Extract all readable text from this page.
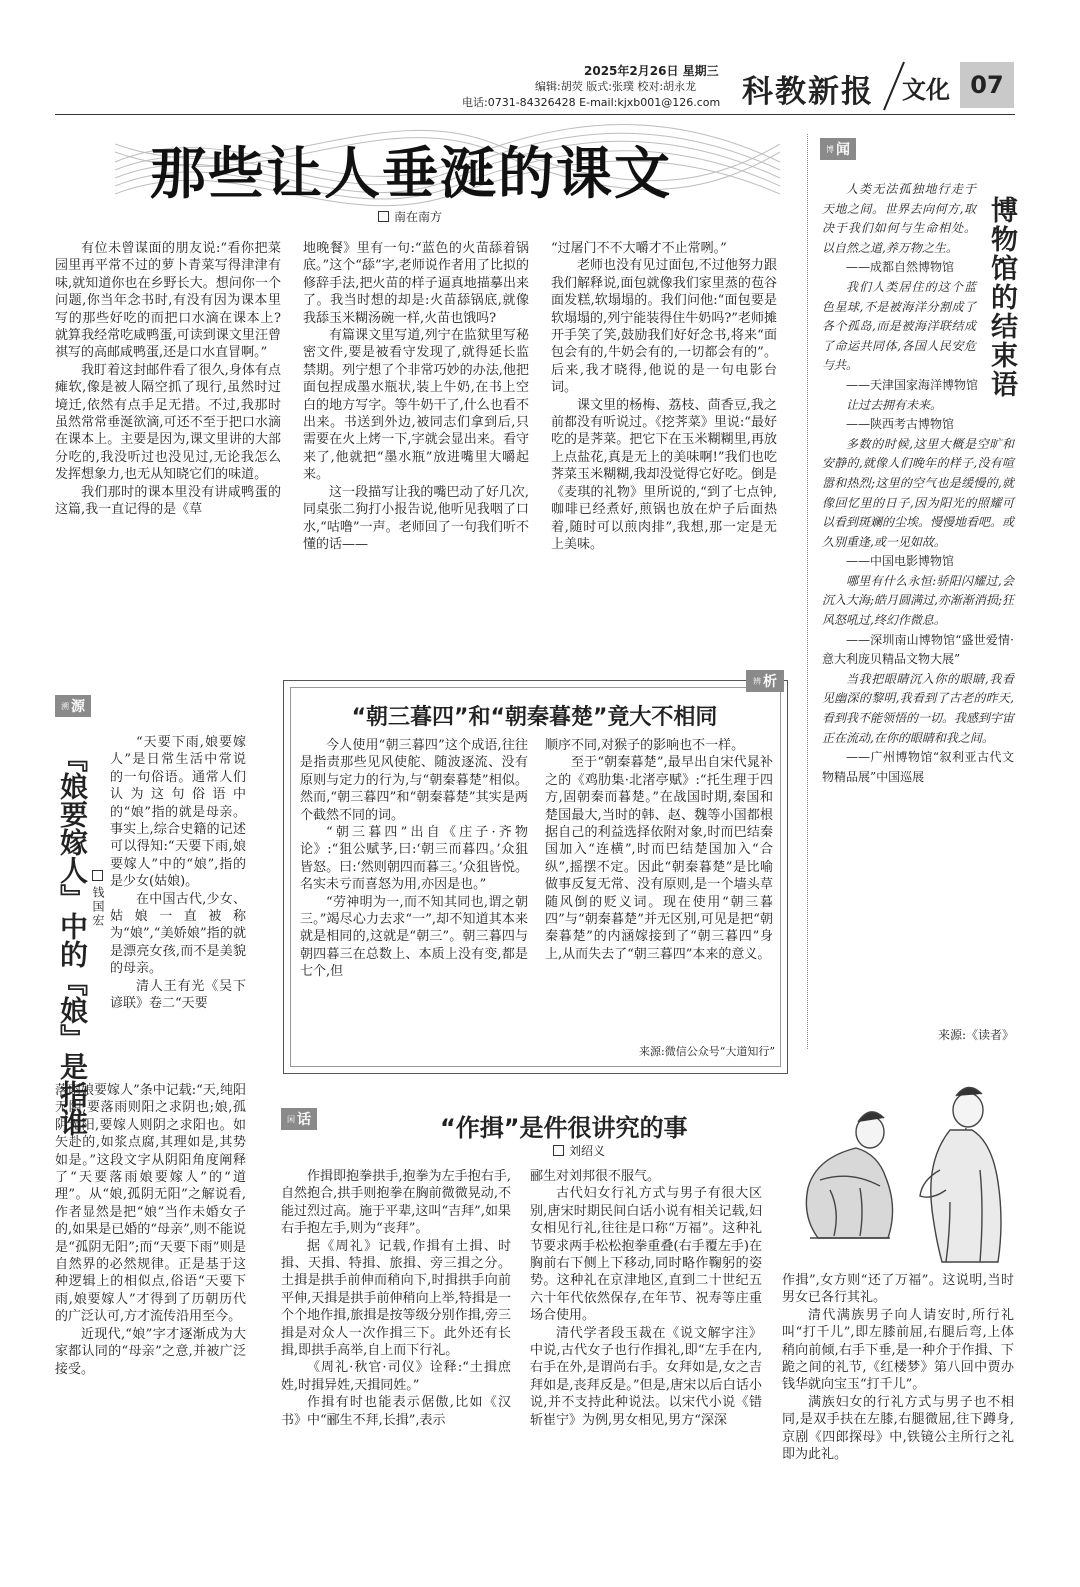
2025年2月26日 星期三
编辑:胡荧 版式:张璞 校对:胡永龙
电话:0731-84326428 E-mail:kjxb001@126.com 科教新报 文化 07
那些让人垂涎的课文
南在南方

有位未曾谋面的朋友说:“看你把菜园里再平常不过的萝卜青菜写得津津有味,就知道你也在乡野长大。想问你一个问题,你当年念书时,有没有因为课本里写的那些好吃的而把口水滴在课本上?就算我经常吃咸鸭蛋,可读到课文里汪曾祺写的高邮咸鸭蛋,还是口水直冒啊。”

我盯着这封邮件看了很久,身体有点瘫软,像是被人隔空抓了现行,虽然时过境迁,依然有点手足无措。不过,我那时虽然常常垂涎欲滴,可还不至于把口水滴在课本上。主要是因为,课文里讲的大部分吃的,我没听过也没见过,无论我怎么发挥想象力,也无从知晓它们的味道。

我们那时的课本里没有讲咸鸭蛋的这篇,我一直记得的是《草

地晚餐》里有一句:“蓝色的火苗舔着锅底。”这个“舔”字,老师说作者用了比拟的修辞手法,把火苗的样子逼真地描摹出来了。我当时想的却是:火苗舔锅底,就像我舔玉米糊汤碗一样,火苗也饿吗?

有篇课文里写道,列宁在监狱里写秘密文件,要是被看守发现了,就得延长监禁期。列宁想了个非常巧妙的办法,他把面包捏成墨水瓶状,装上牛奶,在书上空白的地方写字。等牛奶干了,什么也看不出来。书送到外边,被同志们拿到后,只需要在火上烤一下,字就会显出来。看守来了,他就把“墨水瓶”放进嘴里大嚼起来。

这一段描写让我的嘴巴动了好几次,同桌张二狗打小报告说,他听见我咽了口水,“咕噜”一声。老师回了一句我们听不懂的话——

“过屠门不不大嚼才不止常咧。”

老师也没有见过面包,不过他努力跟我们解释说,面包就像我们家里蒸的苞谷面发糕,软塌塌的。我们问他:“面包要是软塌塌的,列宁能装得住牛奶吗?”老师摊开手笑了笑,鼓励我们好好念书,将来“面包会有的,牛奶会有的,一切都会有的”。后来,我才晓得,他说的是一句电影台词。

课文里的杨梅、荔枝、茴香豆,我之前都没有听说过。《挖荠菜》里说:“最好吃的是荠菜。把它下在玉米糊糊里,再放上点盐花,真是无上的美味啊!”我们也吃荠菜玉米糊糊,我却没觉得它好吃。倒是《麦琪的礼物》里所说的,“到了七点钟,咖啡已经煮好,煎锅也放在炉子后面热着,随时可以煎肉排”,我想,那一定是无上美味。

博 闻
博物馆的结束语

人类无法孤独地行走于天地之间。世界去向何方,取决于我们如何与生命相处。以自然之道,养万物之生。

——成都自然博物馆

我们人类居住的这个蓝色星球,不是被海洋分割成了各个孤岛,而是被海洋联结成了命运共同体,各国人民安危与共。

——天津国家海洋博物馆

让过去拥有未来。

——陕西考古博物馆

多数的时候,这里大概是空旷和安静的,就像人们晚年的样子,没有喧嚣和热烈;这里的空气也是缓慢的,就像回忆里的日子,因为阳光的照耀可以看到斑斓的尘埃。慢慢地看吧。或久别重逢,或一见如故。

——中国电影博物馆

哪里有什么永恒:骄阳闪耀过,会沉入大海;皓月圆满过,亦渐渐消损;狂风怒吼过,终幻作微息。

——深圳南山博物馆“盛世爱情·意大利庞贝精品文物大展”

当我把眼睛沉入你的眼睛,我看见幽深的黎明,我看到了古老的昨天,看到我不能领悟的一切。我感到宇宙正在流动,在你的眼睛和我之间。

——广州博物馆“叙利亚古代文物精品展”中国巡展

来源:《读者》
溯 源
『娘要嫁人』中的『娘』是指谁 钱国宏

“天要下雨,娘要嫁人”是日常生活中常说的一句俗语。通常人们认为这句俗语中的“娘”指的就是母亲。事实上,综合史籍的记述可以得知:“天要下雨,娘要嫁人”中的“娘”,指的是少女(姑娘)。

在中国古代,少女、姑娘一直被称为“娘”,“美娇娘”指的就是漂亮女孩,而不是美貌的母亲。

清人王有光《吴下谚联》卷二“天要

落雨娘要嫁人”条中记载:“天,纯阳无阴,要落雨则阳之求阴也;娘,孤阴无阳,要嫁人则阴之求阳也。如矢赴的,如浆点腐,其理如是,其势如是。”这段文字从阴阳角度阐释了“天要落雨娘要嫁人”的“道理”。从“娘,孤阴无阳”之解说看,作者显然是把“娘”当作未婚女子的,如果是已婚的“母亲”,则不能说是“孤阴无阳”;而“天要下雨”则是自然界的必然规律。正是基于这种逻辑上的相似点,俗语“天要下雨,娘要嫁人”才得到了历朝历代的广泛认可,方才流传沿用至今。

近现代,“娘”字才逐渐成为大家都认同的“母亲”之意,并被广泛接受。

辨 析
“朝三暮四”和“朝秦暮楚”竟大不相同

今人使用“朝三暮四”这个成语,往往是指责那些见风使舵、随波逐流、没有原则与定力的行为,与“朝秦暮楚”相似。然而,“朝三暮四”和“朝秦暮楚”其实是两个截然不同的词。

“朝三暮四”出自《庄子·齐物论》:“狙公赋芧,曰:‘朝三而暮四。’众狙皆怒。曰:‘然则朝四而暮三。’众狙皆悦。名实未亏而喜怒为用,亦因是也。”

“劳神明为一,而不知其同也,谓之朝三。”竭尽心力去求“一”,却不知道其本来就是相同的,这就是“朝三”。朝三暮四与朝四暮三在总数上、本质上没有变,都是七个,但

顺序不同,对猴子的影响也不一样。

至于“朝秦暮楚”,最早出自宋代晁补之的《鸡肋集·北渚亭赋》:“托生理于四方,固朝秦而暮楚。”在战国时期,秦国和楚国最大,当时的韩、赵、魏等小国都根据自己的利益选择依附对象,时而巴结秦国加入“连横”,时而巴结楚国加入“合纵”,摇摆不定。因此“朝秦暮楚”是比喻做事反复无常、没有原则,是一个墙头草随风倒的贬义词。现在使用“朝三暮四”与“朝秦暮楚”并无区别,可见是把“朝秦暮楚”的内涵嫁接到了“朝三暮四”身上,从而失去了“朝三暮四”本来的意义。

来源:微信公众号“大道知行”
闲 话	“作揖”是件很讲究的事
刘绍义

作揖即抱拳拱手,抱拳为左手抱右手,自然抱合,拱手则抱拳在胸前微微晃动,不能过烈过高。施于平辈,这叫“吉拜”,如果右手抱左手,则为“丧拜”。

据《周礼》记载,作揖有土揖、时揖、天揖、特揖、旅揖、旁三揖之分。土揖是拱手前伸而稍向下,时揖拱手向前平伸,天揖是拱手前伸稍向上举,特揖是一个个地作揖,旅揖是按等级分别作揖,旁三揖是对众人一次作揖三下。此外还有长揖,即拱手高举,自上而下行礼。

《周礼·秋官·司仪》诠释:“土揖庶姓,时揖异姓,天揖同姓。”

作揖有时也能表示倨傲,比如《汉书》中“郦生不拜,长揖”,表示

郦生对刘邦很不服气。

古代妇女行礼方式与男子有很大区别,唐宋时期民间白话小说有相关记载,妇女相见行礼,往往是口称“万福”。这种礼节要求两手松松抱拳重叠(右手覆左手)在胸前右下侧上下移动,同时略作鞠躬的姿势。这种礼在京津地区,直到二十世纪五六十年代依然保存,在年节、祝寿等庄重场合使用。

清代学者段玉裁在《说文解字注》中说,古代女子也行作揖礼,即“左手在内,右手在外,是谓尚右手。女拜如是,女之吉拜如是,丧拜反是。”但是,唐宋以后白话小说,并不支持此种说法。以宋代小说《错斩崔宁》为例,男女相见,男方“深深

作揖”,女方则“还了万福”。这说明,当时男女已各行其礼。

清代满族男子向人请安时,所行礼叫“打千儿”,即左膝前屈,右腿后弯,上体稍向前倾,右手下垂,是一种介于作揖、下跪之间的礼节,《红楼梦》第八回中贾办钱华就向宝玉“打千儿”。

满族妇女的行礼方式与男子也不相同,是双手扶在左膝,右腿微屈,往下蹲身,京剧《四郎探母》中,铁镜公主所行之礼即为此礼。
